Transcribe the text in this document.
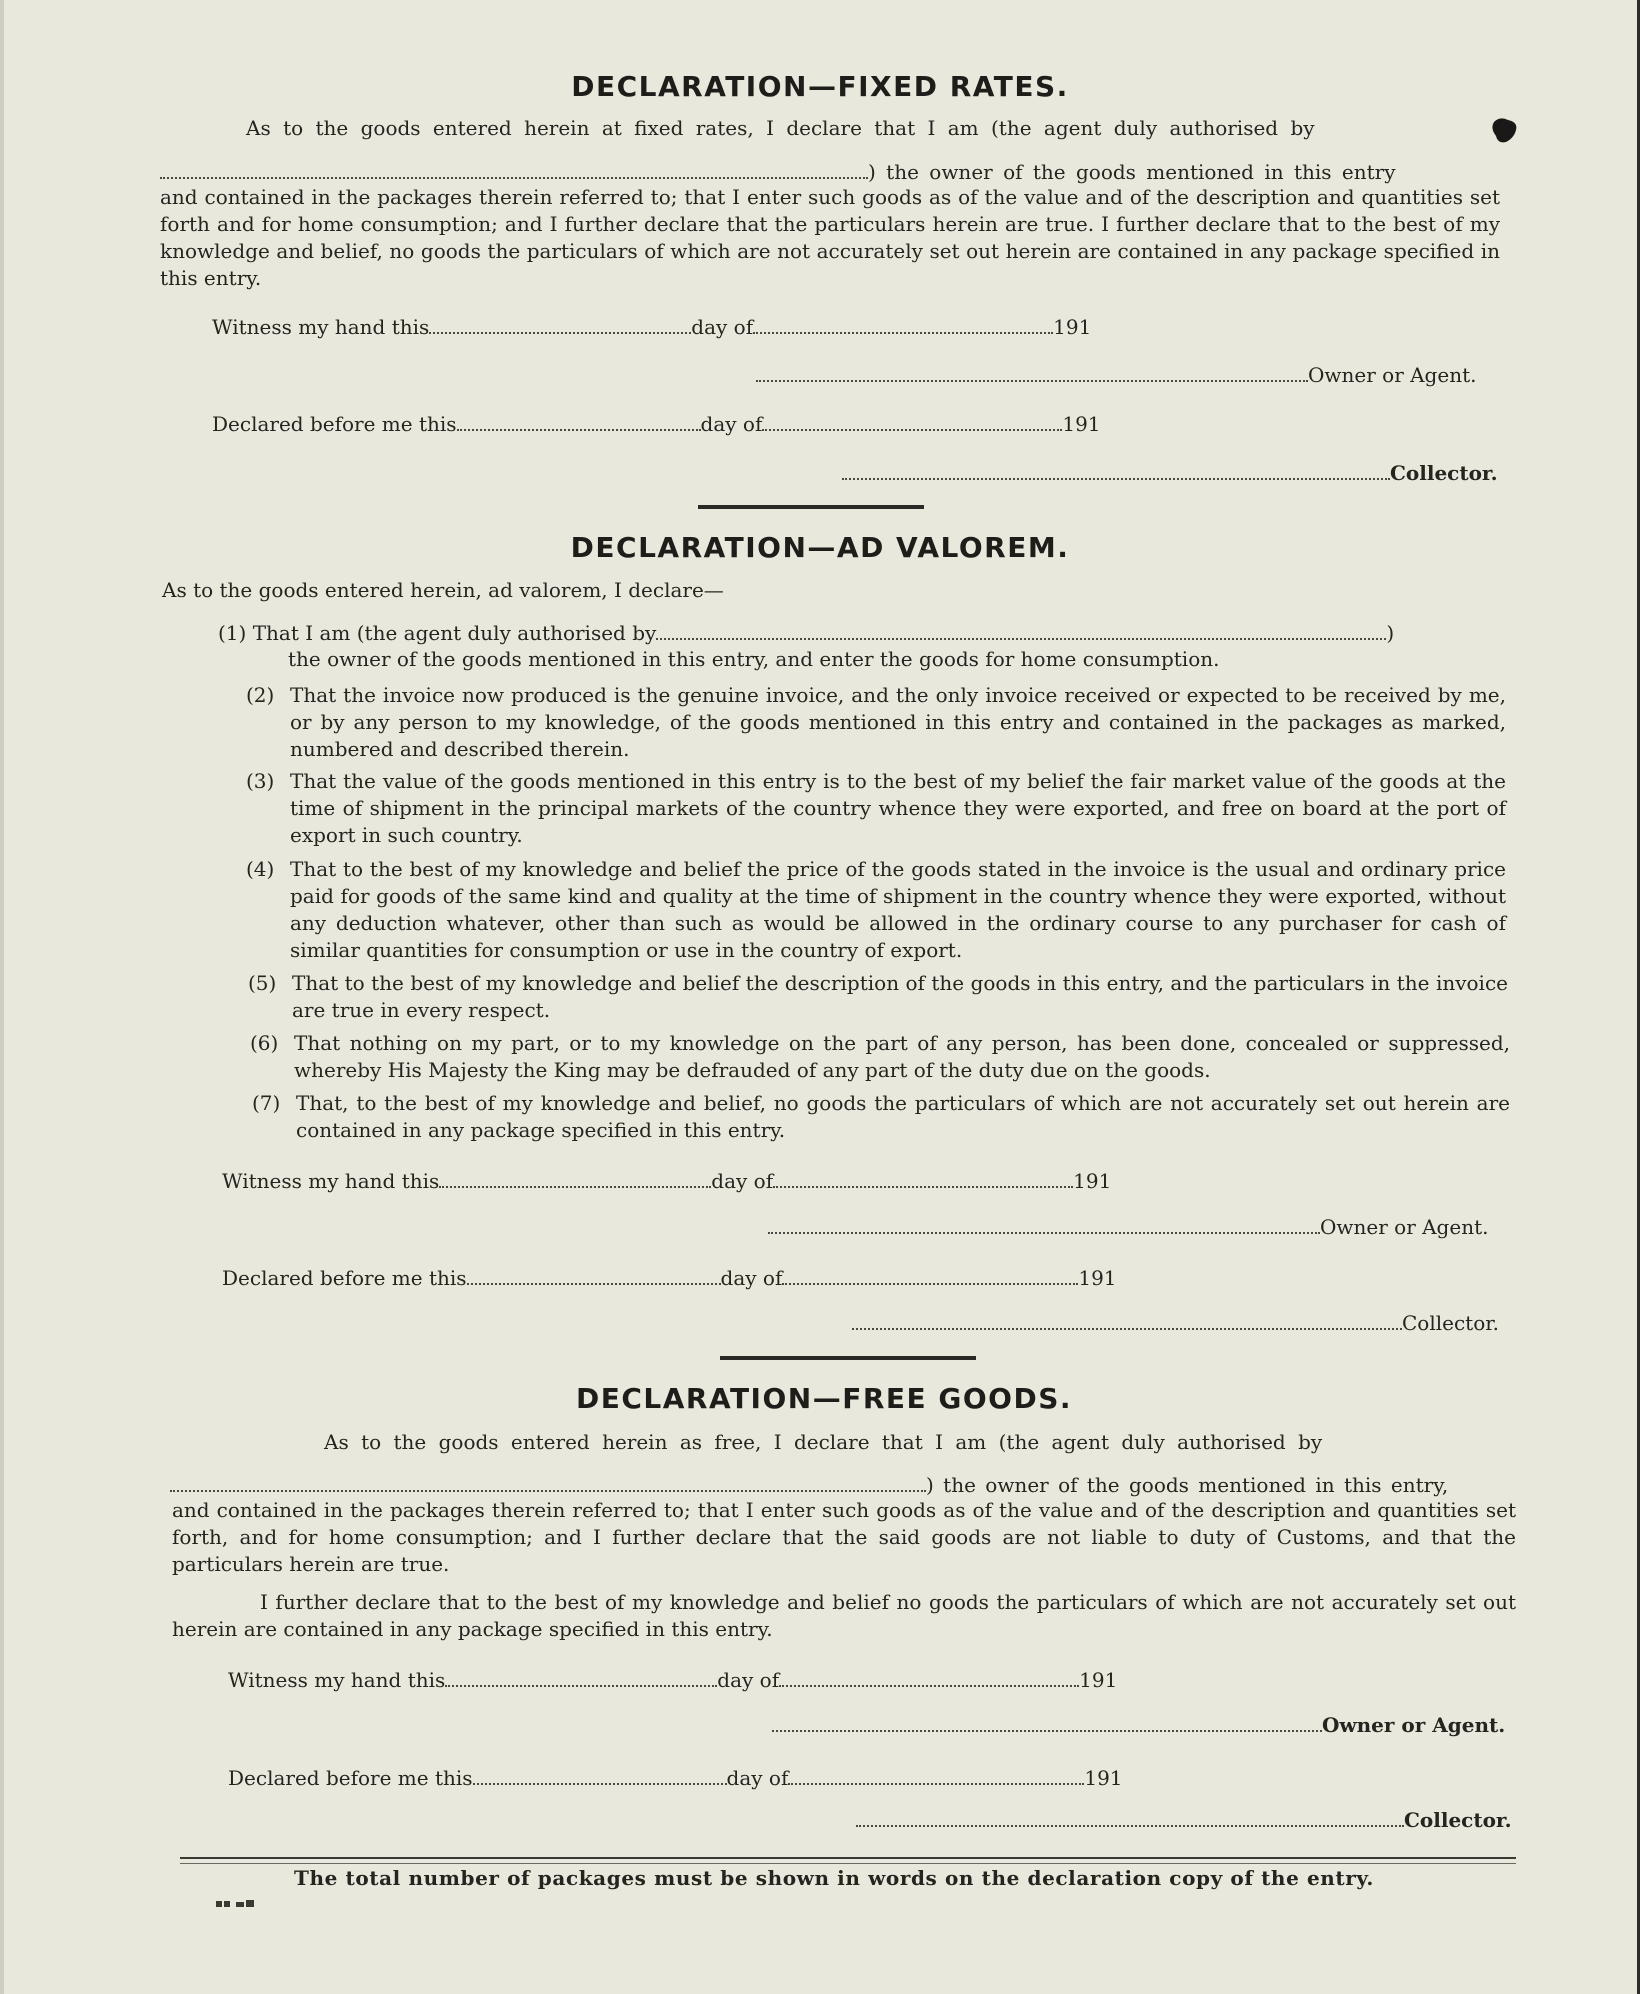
DECLARATION—FIXED RATES.
As to the goods entered herein at fixed rates, I declare that I am (the agent duly authorised by
) the owner of the goods mentioned in this entry
and contained in the packages therein referred to; that I enter such goods as of the value and of the description and quantities set forth and for home consumption; and I further declare that the particulars herein are true. I further declare that to the best of my knowledge and belief, no goods the particulars of which are not accurately set out herein are contained in any package specified in this entry.
Witness my hand this	day of	191
Owner or Agent.
Declared before me this	day of	191
Collector.
DECLARATION—AD VALOREM.
As to the goods entered herein, ad valorem, I declare—
(1) That I am (the agent duly authorised by	)
the owner of the goods mentioned in this entry, and enter the goods for home consumption.
(2) That the invoice now produced is the genuine invoice, and the only invoice received or expected to be received by me, or by any person to my knowledge, of the goods mentioned in this entry and contained in the packages as marked, numbered and described therein.
(3) That the value of the goods mentioned in this entry is to the best of my belief the fair market value of the goods at the time of shipment in the principal markets of the country whence they were exported, and free on board at the port of export in such country.
(4) That to the best of my knowledge and belief the price of the goods stated in the invoice is the usual and ordinary price paid for goods of the same kind and quality at the time of shipment in the country whence they were exported, without any deduction whatever, other than such as would be allowed in the ordinary course to any purchaser for cash of similar quantities for consumption or use in the country of export.
(5) That to the best of my knowledge and belief the description of the goods in this entry, and the particulars in the invoice are true in every respect.
(6) That nothing on my part, or to my knowledge on the part of any person, has been done, concealed or suppressed, whereby His Majesty the King may be defrauded of any part of the duty due on the goods.
(7) That, to the best of my knowledge and belief, no goods the particulars of which are not accurately set out herein are contained in any package specified in this entry.
Witness my hand this	day of	191
Owner or Agent.
Declared before me this	day of	191
Collector.
DECLARATION—FREE GOODS.
As to the goods entered herein as free, I declare that I am (the agent duly authorised by
) the owner of the goods mentioned in this entry,
and contained in the packages therein referred to; that I enter such goods as of the value and of the description and quantities set forth, and for home consumption; and I further declare that the said goods are not liable to duty of Customs, and that the particulars herein are true.
I further declare that to the best of my knowledge and belief no goods the particulars of which are not accurately set out herein are contained in any package specified in this entry.
Witness my hand this	day of	191
Owner or Agent.
Declared before me this	day of	191
Collector.
The total number of packages must be shown in words on the declaration copy of the entry.
